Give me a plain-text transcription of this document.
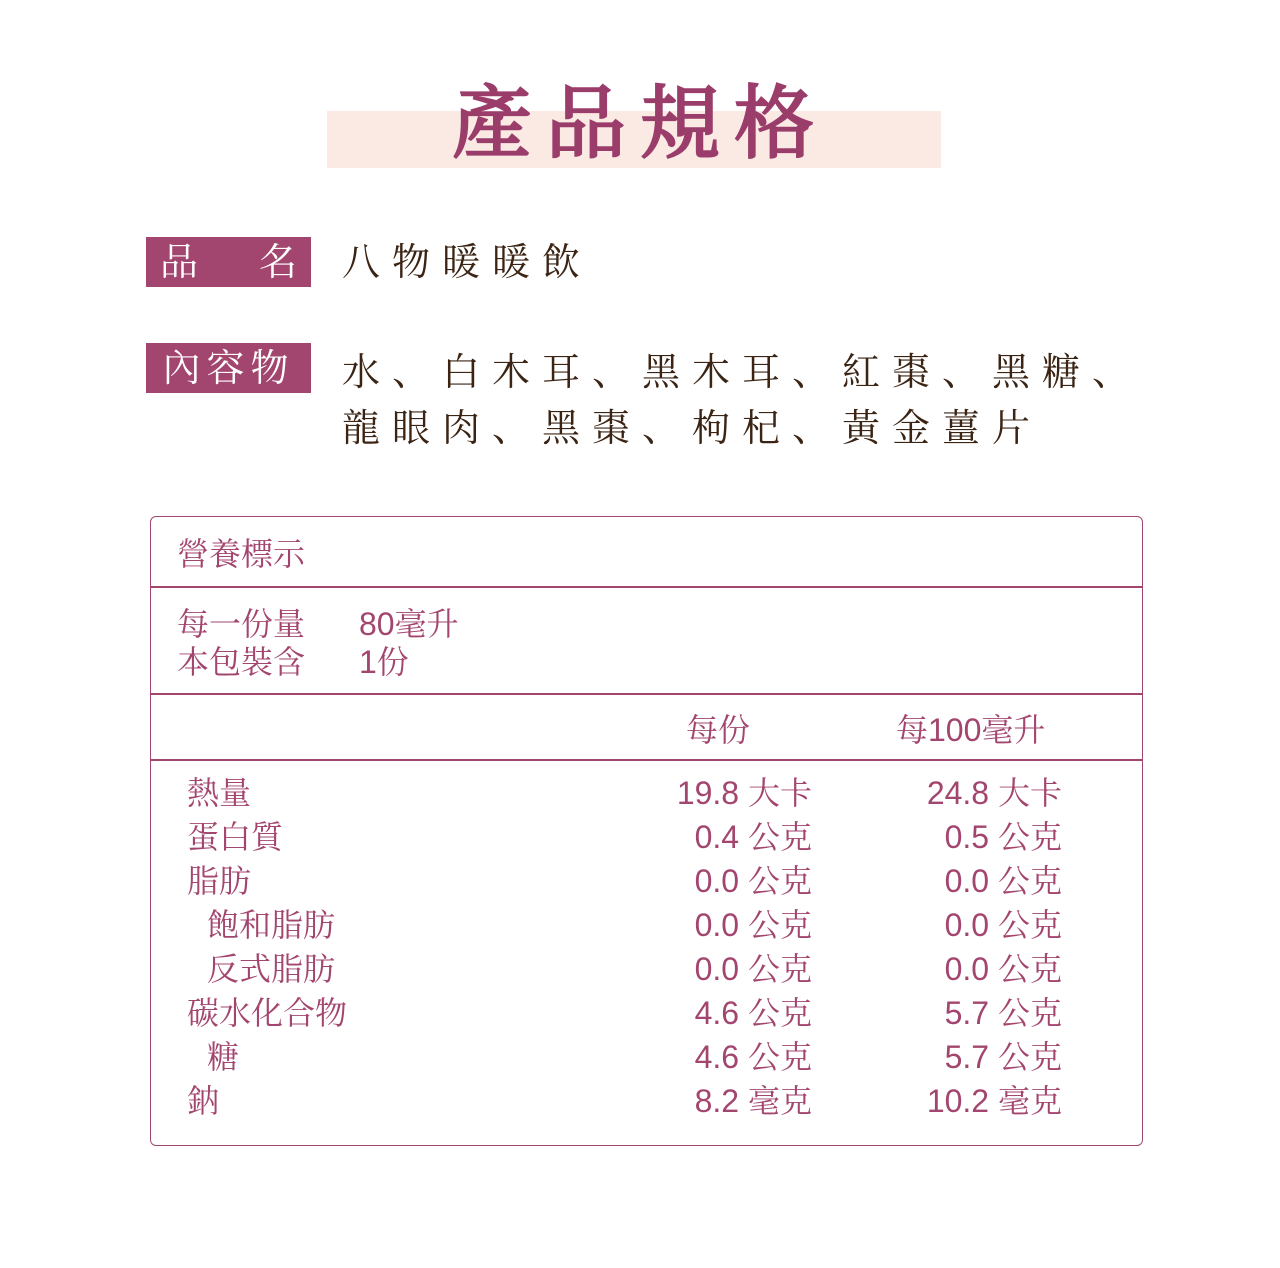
產品規格
品 名 八物暖暖飲
內容物	水、白木耳、黑木耳、紅棗、黑糖、
龍眼肉、黑棗、枸杞、黃金薑片
營養標示
每一份量 80毫升
本包裝含 1份
每份	每100毫升
熱量	19.8 大卡	24.8 大卡
蛋白質	0.4 公克	0.5 公克
脂肪	0.0 公克	0.0 公克
飽和脂肪	0.0 公克	0.0 公克
反式脂肪	0.0 公克	0.0 公克
碳水化合物	4.6 公克	5.7 公克
糖	4.6 公克	5.7 公克
鈉	8.2 毫克	10.2 毫克
